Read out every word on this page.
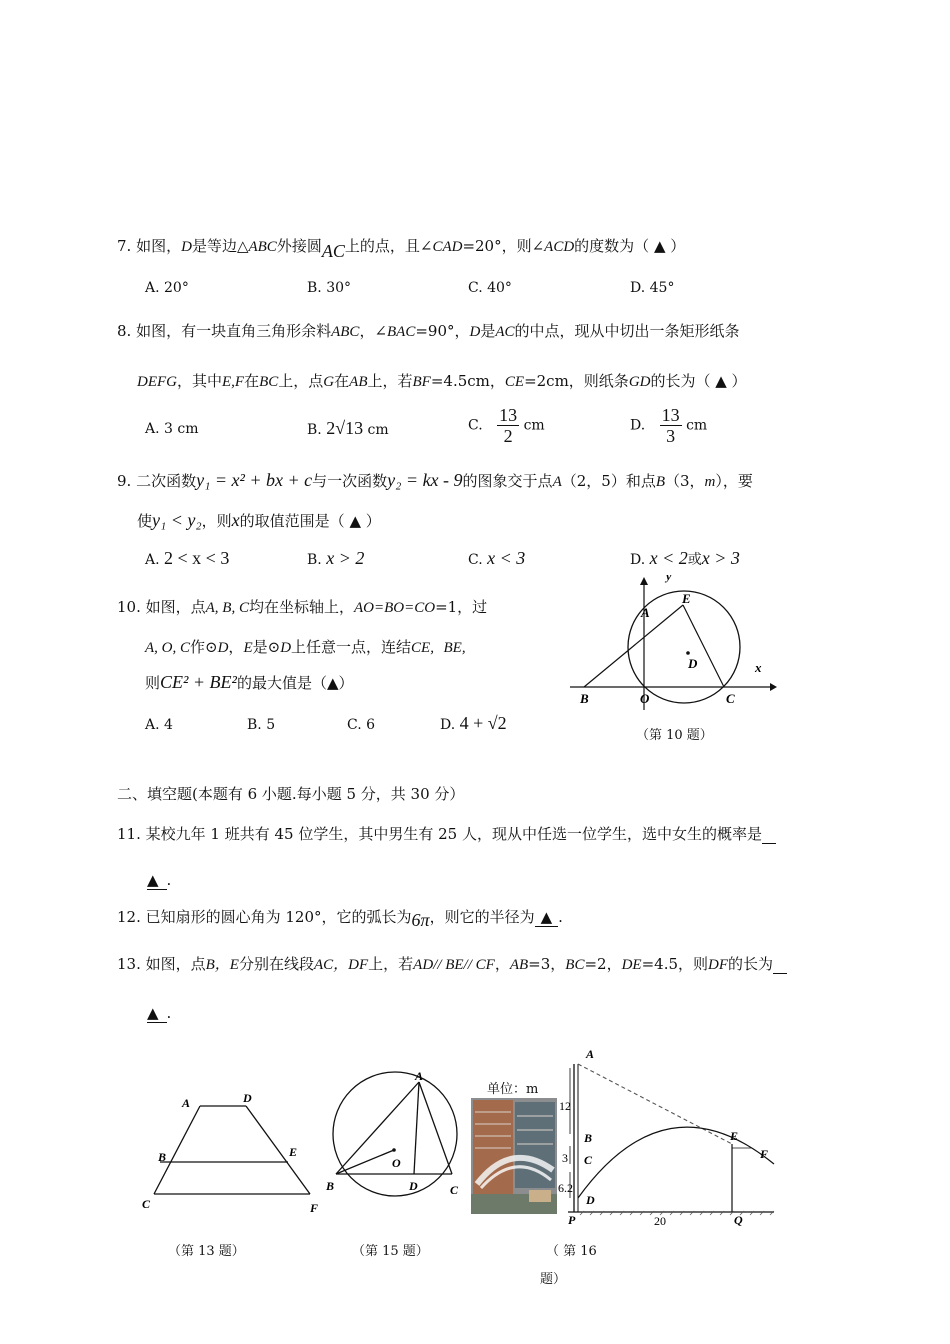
7. 如图，D是等边△ABC外接圆AC上的点，且∠CAD=20°，则∠ACD的度数为（ ▲ ）
A. 20°	B. 30°	C. 40°	D. 45°
8. 如图，有一块直角三角形余料ABC，∠BAC=90°，D是AC的中点，现从中切出一条矩形纸条
DEFG，其中E,F在BC上，点G在AB上，若BF=4.5cm，CE=2cm，则纸条GD的长为（ ▲ ）
A. 3 cm	B. 2√13 cm	C. $\frac{13}{2}$ cm	D. $\frac{13}{3}$ cm
9. 二次函数y₁ = x² + bx + c与一次函数y₂ = kx - 9的图象交于点A（2，5）和点B（3，m），要
使y₁ < y₂，则x的取值范围是（ ▲ ）
A. 2 < x < 3	B. x > 2	C. x < 3	D. x < 2或x > 3
10. 如图，点A, B, C均在坐标轴上，AO=BO=CO=1，过
A, O, C作⊙D，E是⊙D上任意一点，连结CE, BE,
则CE² + BE²的最大值是（▲）
A. 4	B. 5	C. 6	D. 4 + √2
y
x
A
E
D
B	O	C
（第 10 题）
二、填空题(本题有 6 小题.每小题 5 分，共 30 分）
11. 某校九年 1 班共有 45 位学生，其中男生有 25 人，现从中任选一位学生，选中女生的概率是
▲ .
12. 已知扇形的圆心角为 120°，它的弧长为6π，则它的半径为 ▲ .
13. 如图，点B，E分别在线段AC，DF上，若AD// BE// CF，AB=3，BC=2，DE=4.5，则DF的长为
▲ .
A	D
B	E
C	F
（第 13 题）
A
O
B	D	C
（第 15 题）
单位：m
A
B
C
D
P	Q
E
F
12
3
6.2
20
（ 第 16
题）
